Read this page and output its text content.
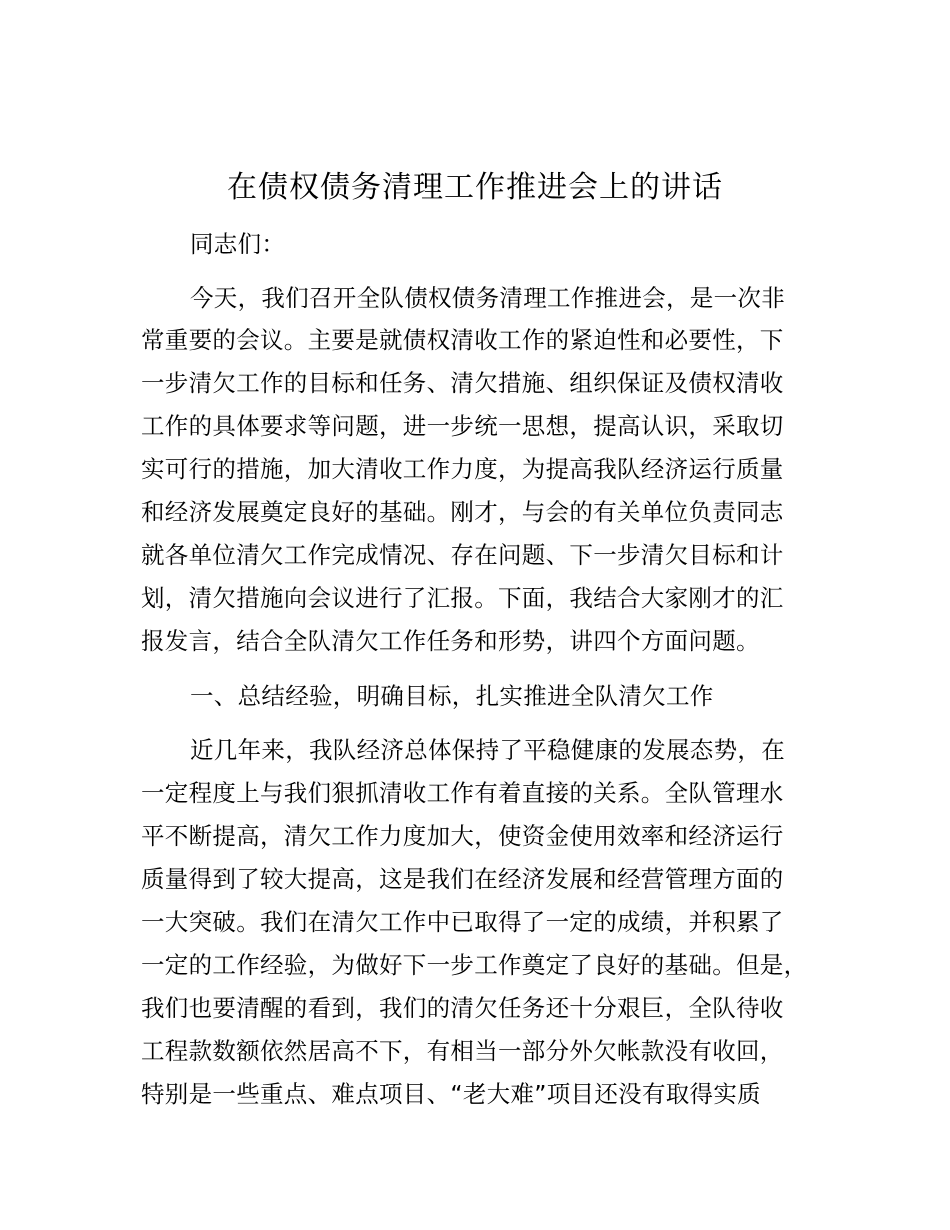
在债权债务清理工作推进会上的讲话
同志们：
今天，我们召开全队债权债务清理工作推进会，是一次非
常重要的会议。主要是就债权清收工作的紧迫性和必要性，下
一步清欠工作的目标和任务、清欠措施、组织保证及债权清收
工作的具体要求等问题，进一步统一思想，提高认识，采取切
实可行的措施，加大清收工作力度，为提高我队经济运行质量
和经济发展奠定良好的基础。刚才，与会的有关单位负责同志
就各单位清欠工作完成情况、存在问题、下一步清欠目标和计
划，清欠措施向会议进行了汇报。下面，我结合大家刚才的汇
报发言，结合全队清欠工作任务和形势，讲四个方面问题。
一、总结经验，明确目标，扎实推进全队清欠工作
近几年来，我队经济总体保持了平稳健康的发展态势，在
一定程度上与我们狠抓清收工作有着直接的关系。全队管理水
平不断提高，清欠工作力度加大，使资金使用效率和经济运行
质量得到了较大提高，这是我们在经济发展和经营管理方面的
一大突破。我们在清欠工作中已取得了一定的成绩，并积累了
一定的工作经验，为做好下一步工作奠定了良好的基础。但是，
我们也要清醒的看到，我们的清欠任务还十分艰巨，全队待收
工程款数额依然居高不下，有相当一部分外欠帐款没有收回，
特别是一些重点、难点项目、“老大难”项目还没有取得实质
